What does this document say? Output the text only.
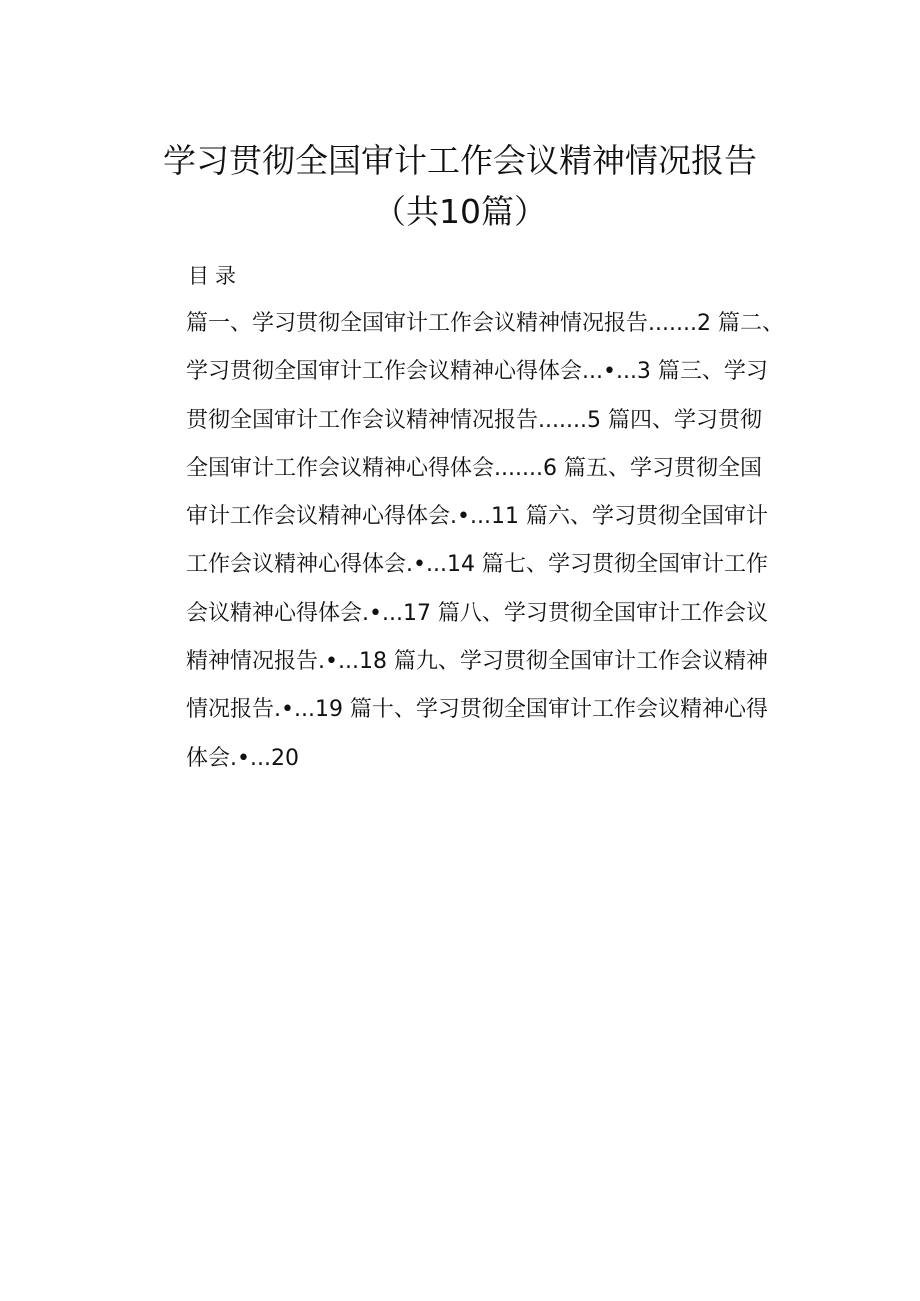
学习贯彻全国审计工作会议精神情况报告
（共10篇）
目录
篇一、学习贯彻全国审计工作会议精神情况报告.......2 篇二、
学习贯彻全国审计工作会议精神心得体会...•...3 篇三、学习
贯彻全国审计工作会议精神情况报告.......5 篇四、学习贯彻
全国审计工作会议精神心得体会.......6 篇五、学习贯彻全国
审计工作会议精神心得体会.•...11 篇六、学习贯彻全国审计
工作会议精神心得体会.•...14 篇七、学习贯彻全国审计工作
会议精神心得体会.•...17 篇八、学习贯彻全国审计工作会议
精神情况报告.•...18 篇九、学习贯彻全国审计工作会议精神
情况报告.•...19 篇十、学习贯彻全国审计工作会议精神心得
体会.•...20
